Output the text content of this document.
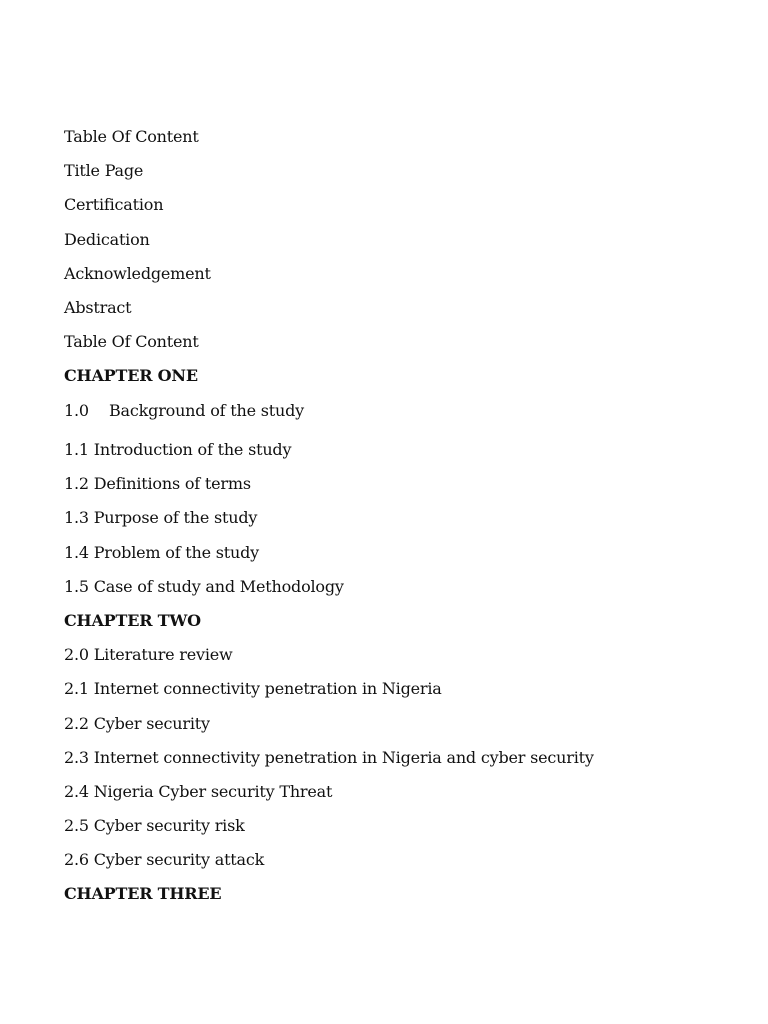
Table Of Content
Title Page
Certification
Dedication
Acknowledgement
Abstract
Table Of Content
CHAPTER ONE
1.0 Background of the study
1.1 Introduction of the study
1.2 Definitions of terms
1.3 Purpose of the study
1.4 Problem of the study
1.5 Case of study and Methodology
CHAPTER TWO
2.0 Literature review
2.1 Internet connectivity penetration in Nigeria
2.2 Cyber security
2.3 Internet connectivity penetration in Nigeria and cyber security
2.4 Nigeria Cyber security Threat
2.5 Cyber security risk
2.6 Cyber security attack
CHAPTER THREE
